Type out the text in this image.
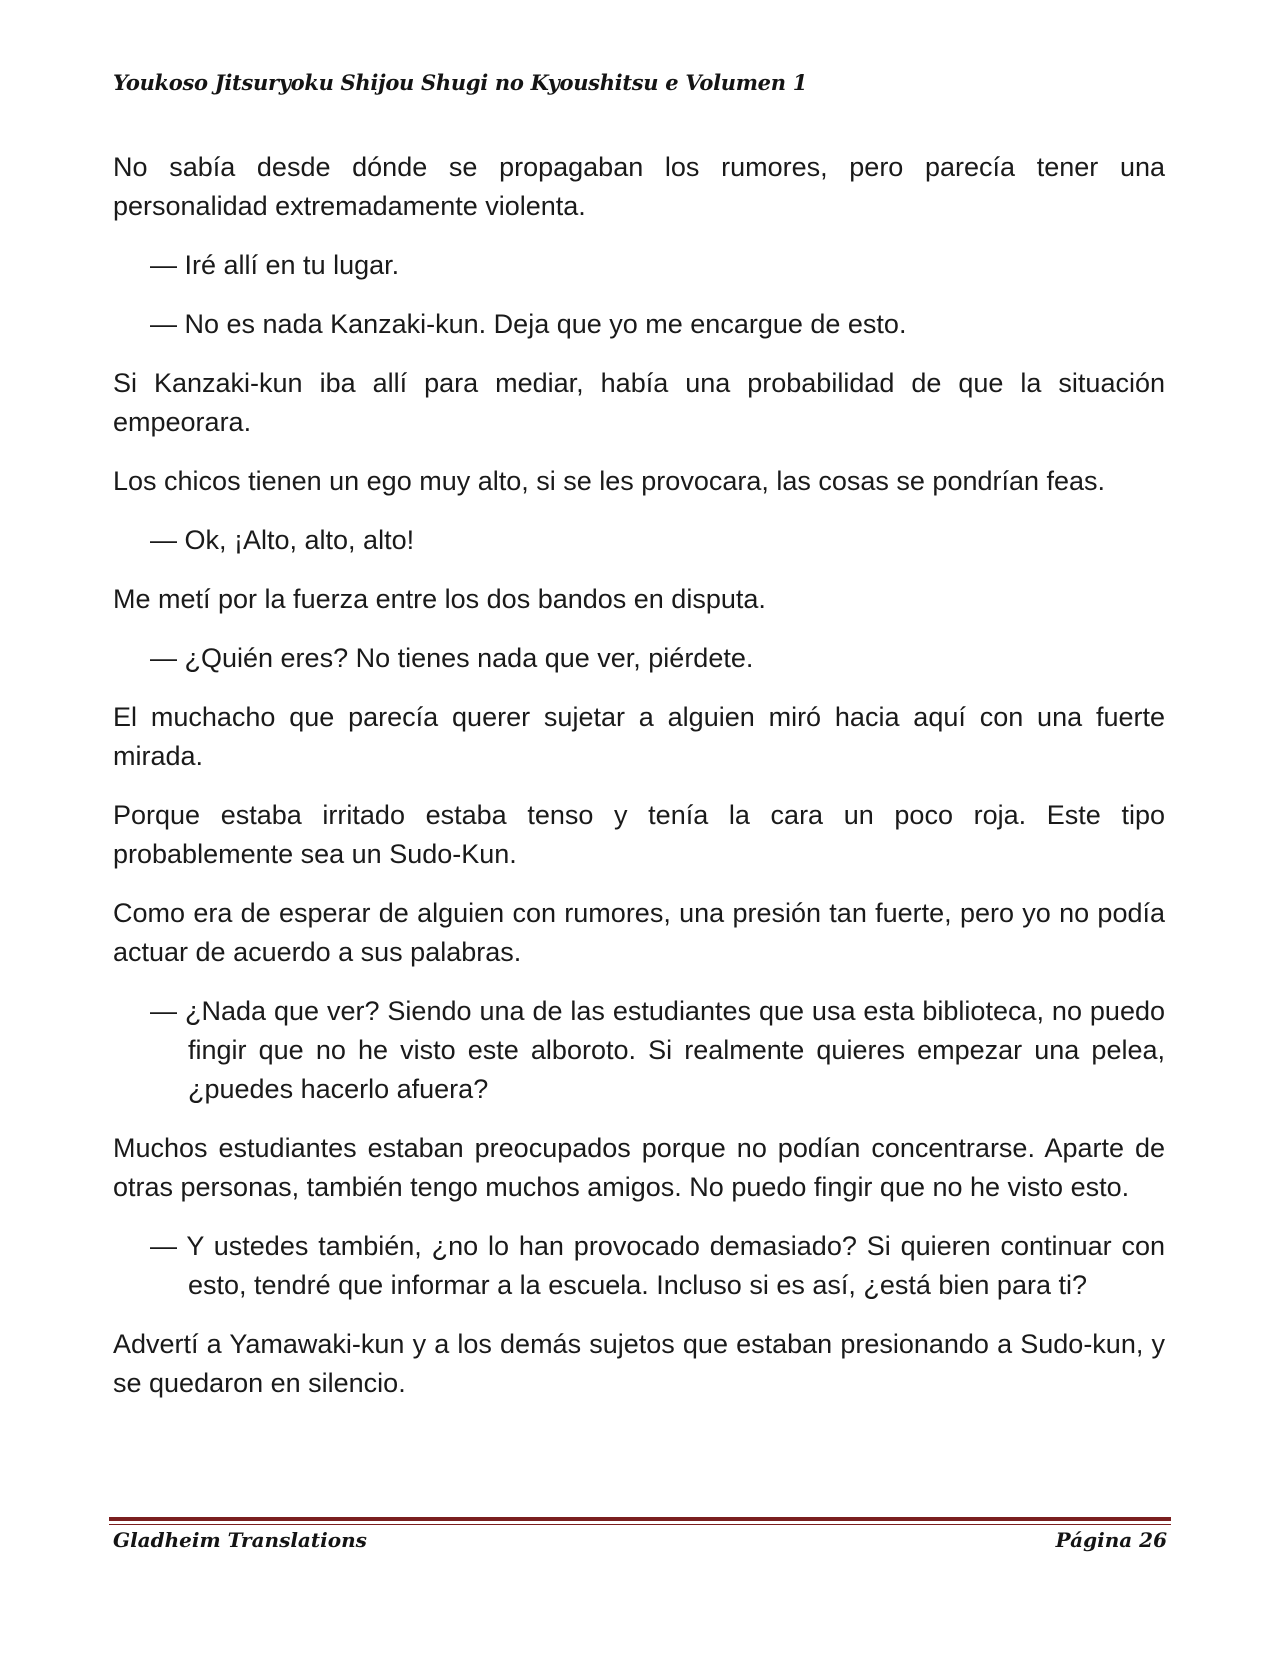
Youkoso Jitsuryoku Shijou Shugi no Kyoushitsu e Volumen 1

No sabía desde dónde se propagaban los rumores, pero parecía tener una personalidad extremadamente violenta.

— Iré allí en tu lugar.

— No es nada Kanzaki-kun. Deja que yo me encargue de esto.

Si Kanzaki-kun iba allí para mediar, había una probabilidad de que la situación empeorara.

Los chicos tienen un ego muy alto, si se les provocara, las cosas se pondrían feas.

— Ok, ¡Alto, alto, alto!

Me metí por la fuerza entre los dos bandos en disputa.

— ¿Quién eres? No tienes nada que ver, piérdete.

El muchacho que parecía querer sujetar a alguien miró hacia aquí con una fuerte mirada.

Porque estaba irritado estaba tenso y tenía la cara un poco roja. Este tipo probablemente sea un Sudo-Kun.

Como era de esperar de alguien con rumores, una presión tan fuerte, pero yo no podía actuar de acuerdo a sus palabras.

— ¿Nada que ver? Siendo una de las estudiantes que usa esta biblioteca, no puedo fingir que no he visto este alboroto. Si realmente quieres empezar una pelea, ¿puedes hacerlo afuera?

Muchos estudiantes estaban preocupados porque no podían concentrarse. Aparte de otras personas, también tengo muchos amigos. No puedo fingir que no he visto esto.

— Y ustedes también, ¿no lo han provocado demasiado? Si quieren continuar con esto, tendré que informar a la escuela. Incluso si es así, ¿está bien para ti?

Advertí a Yamawaki-kun y a los demás sujetos que estaban presionando a Sudo-kun, y se quedaron en silencio.

Gladheim Translations	Página 26
